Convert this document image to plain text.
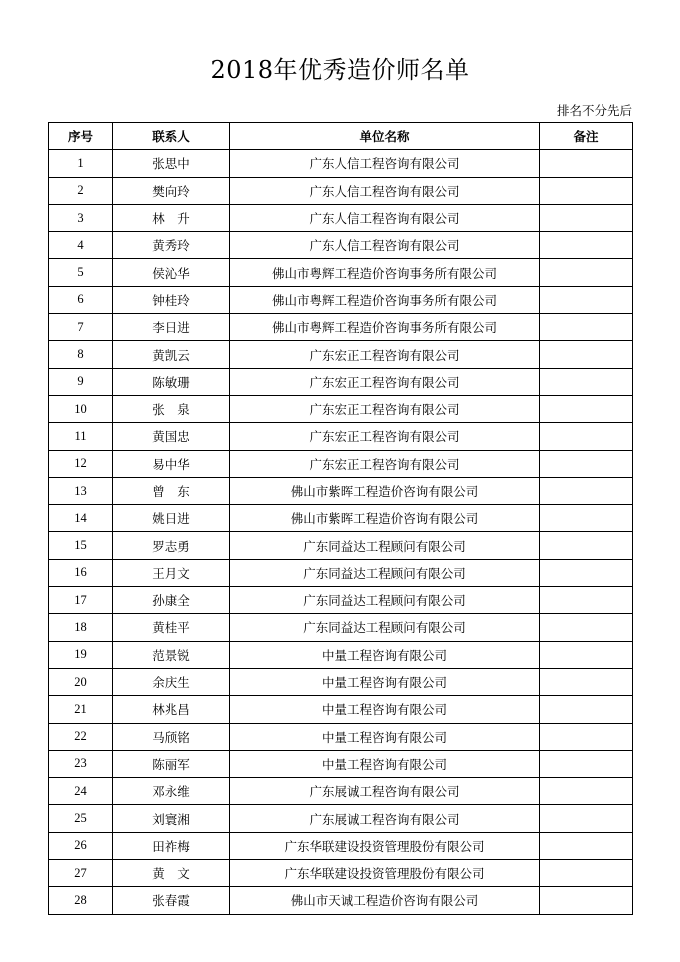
2018年优秀造价师名单
排名不分先后
序号	联系人	单位名称	备注
1	张思中	广东人信工程咨询有限公司	
2	樊向玲	广东人信工程咨询有限公司	
3	林　升	广东人信工程咨询有限公司	
4	黄秀玲	广东人信工程咨询有限公司	
5	侯沁华	佛山市粤辉工程造价咨询事务所有限公司	
6	钟桂玲	佛山市粤辉工程造价咨询事务所有限公司	
7	李日进	佛山市粤辉工程造价咨询事务所有限公司	
8	黄凯云	广东宏正工程咨询有限公司	
9	陈敏珊	广东宏正工程咨询有限公司	
10	张　泉	广东宏正工程咨询有限公司	
11	黄国忠	广东宏正工程咨询有限公司	
12	易中华	广东宏正工程咨询有限公司	
13	曾　东	佛山市紫晖工程造价咨询有限公司	
14	姚日进	佛山市紫晖工程造价咨询有限公司	
15	罗志勇	广东同益达工程顾问有限公司	
16	王月文	广东同益达工程顾问有限公司	
17	孙康全	广东同益达工程顾问有限公司	
18	黄桂平	广东同益达工程顾问有限公司	
19	范景锐	中量工程咨询有限公司	
20	余庆生	中量工程咨询有限公司	
21	林兆昌	中量工程咨询有限公司	
22	马颀铭	中量工程咨询有限公司	
23	陈丽军	中量工程咨询有限公司	
24	邓永维	广东展诚工程咨询有限公司	
25	刘寰湘	广东展诚工程咨询有限公司	
26	田祚梅	广东华联建设投资管理股份有限公司	
27	黄　文	广东华联建设投资管理股份有限公司	
28	张春霞	佛山市天诚工程造价咨询有限公司	
